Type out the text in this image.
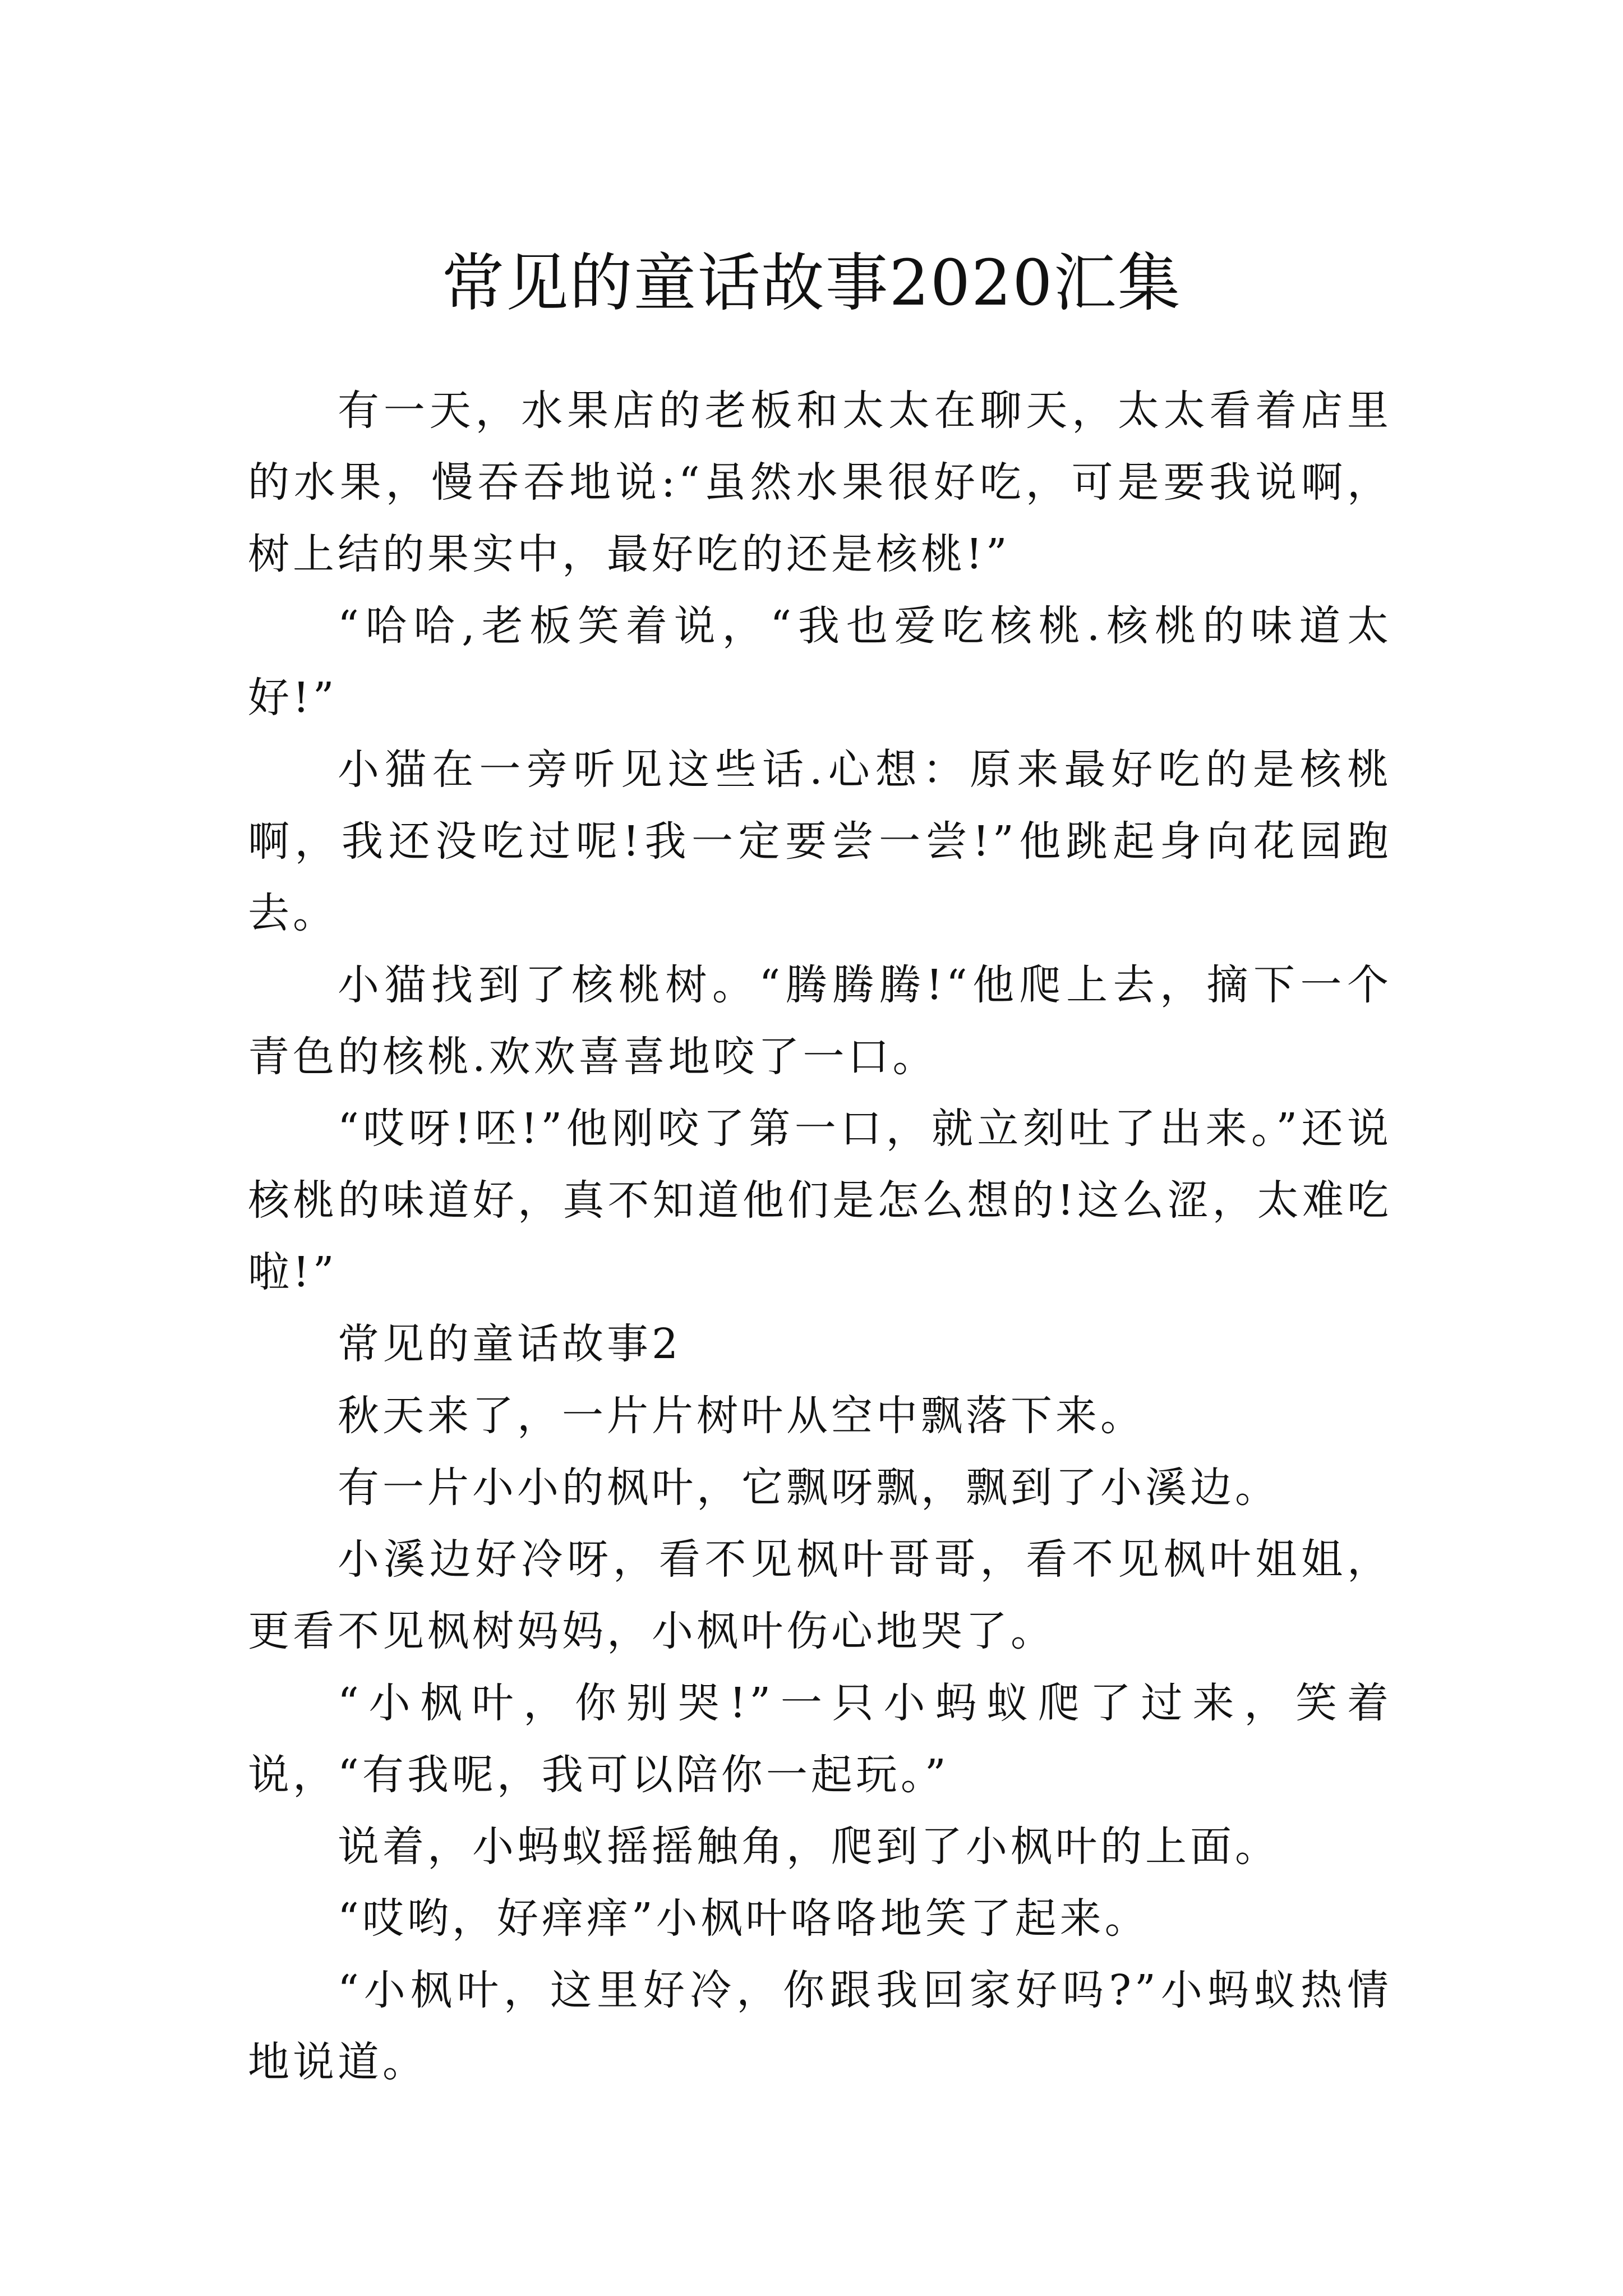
常见的童话故事2020汇集

有一天，水果店的老板和太太在聊天，太太看着店里的水果，慢吞吞地说:“虽然水果很好吃，可是要我说啊，树上结的果实中，最好吃的还是核桃!”

“哈哈,老板笑着说，“我也爱吃核桃.核桃的味道太好!”

小猫在一旁听见这些话.心想：原来最好吃的是核桃啊，我还没吃过呢!我一定要尝一尝!”他跳起身向花园跑去。

小猫找到了核桃树。“腾腾腾!“他爬上去，摘下一个青色的核桃.欢欢喜喜地咬了一口。

“哎呀!呸!”他刚咬了第一口，就立刻吐了出来。”还说核桃的味道好，真不知道他们是怎么想的!这么涩，太难吃啦!”

常见的童话故事2

秋天来了，一片片树叶从空中飘落下来。

有一片小小的枫叶，它飘呀飘，飘到了小溪边。

小溪边好冷呀，看不见枫叶哥哥，看不见枫叶姐姐，更看不见枫树妈妈，小枫叶伤心地哭了。

“小枫叶，你别哭!”一只小蚂蚁爬了过来，笑着说，“有我呢，我可以陪你一起玩。”

说着，小蚂蚁摇摇触角，爬到了小枫叶的上面。

“哎哟，好痒痒”小枫叶咯咯地笑了起来。

“小枫叶，这里好冷，你跟我回家好吗?”小蚂蚁热情地说道。
